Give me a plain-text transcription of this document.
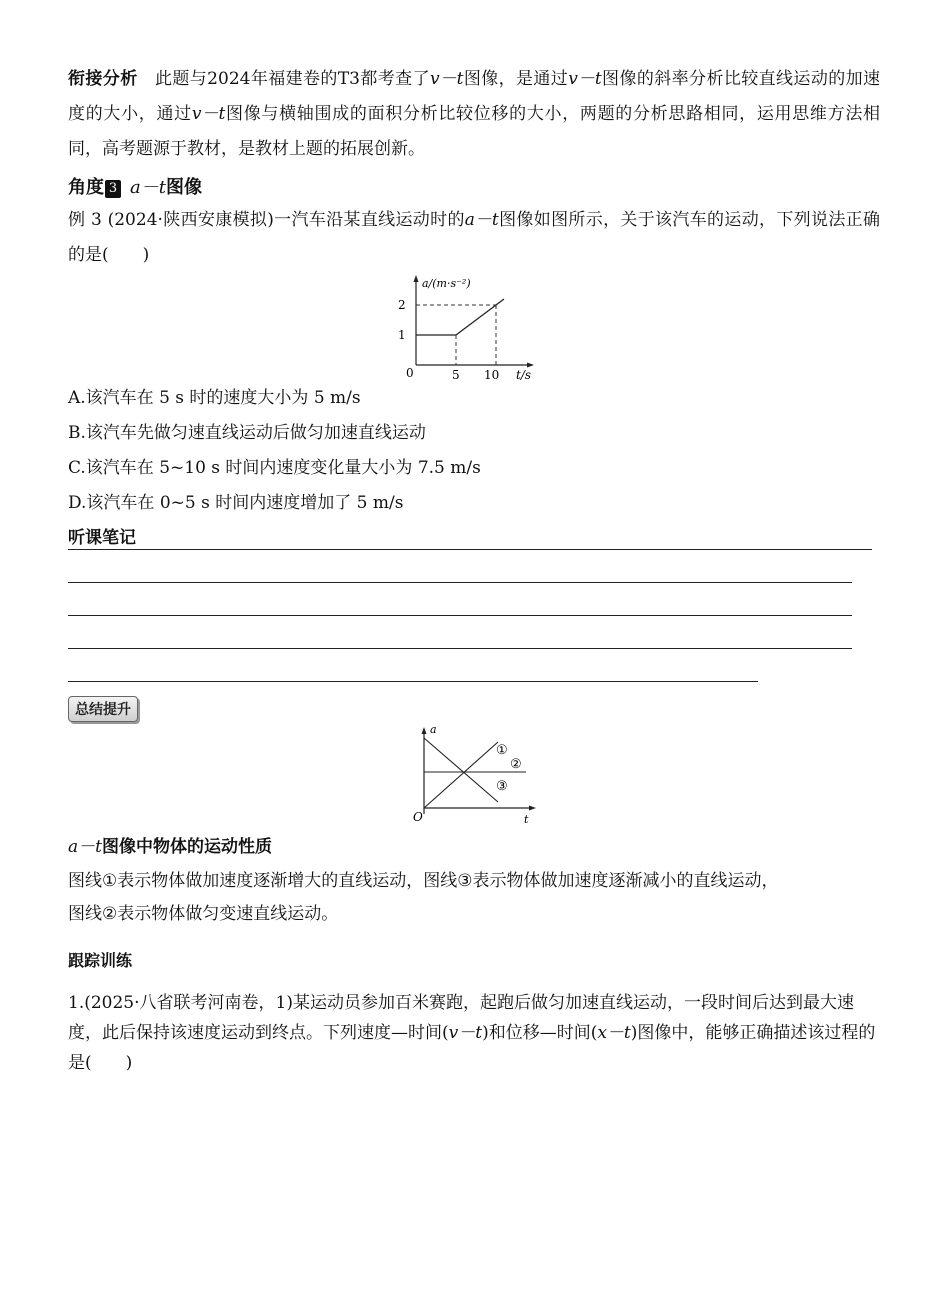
衔接分析  此题与2024年福建卷的T3都考查了v－t图像，是通过v－t图像的斜率分析比较直线运动的加速度的大小，通过v－t图像与横轴围成的面积分析比较位移的大小，两题的分析思路相同，运用思维方法相同，高考题源于教材，是教材上题的拓展创新。

角度 3  a－t图像

例 3 (2024·陕西安康模拟)一汽车沿某直线运动时的a－t图像如图所示，关于该汽车的运动，下列说法正确的是(　　)

a/(m·s⁻²)
t/s
1
2
0	5 10

A.该汽车在 5 s 时的速度大小为 5 m/s

B.该汽车先做匀速直线运动后做匀加速直线运动

C.该汽车在 5~10 s 时间内速度变化量大小为 7.5 m/s

D.该汽车在 0~5 s 时间内速度增加了 5 m/s

听课笔记
总结提升
a
t
O
①
②
③

a－t图像中物体的运动性质

图线①表示物体做加速度逐渐增大的直线运动，图线③表示物体做加速度逐渐减小的直线运动，

图线②表示物体做匀变速直线运动。

跟踪训练

1.(2025·八省联考河南卷，1)某运动员参加百米赛跑，起跑后做匀加速直线运动，一段时间后达到最大速度，此后保持该速度运动到终点。下列速度—时间(v－t)和位移—时间(x－t)图像中，能够正确描述该过程的是(　　)
